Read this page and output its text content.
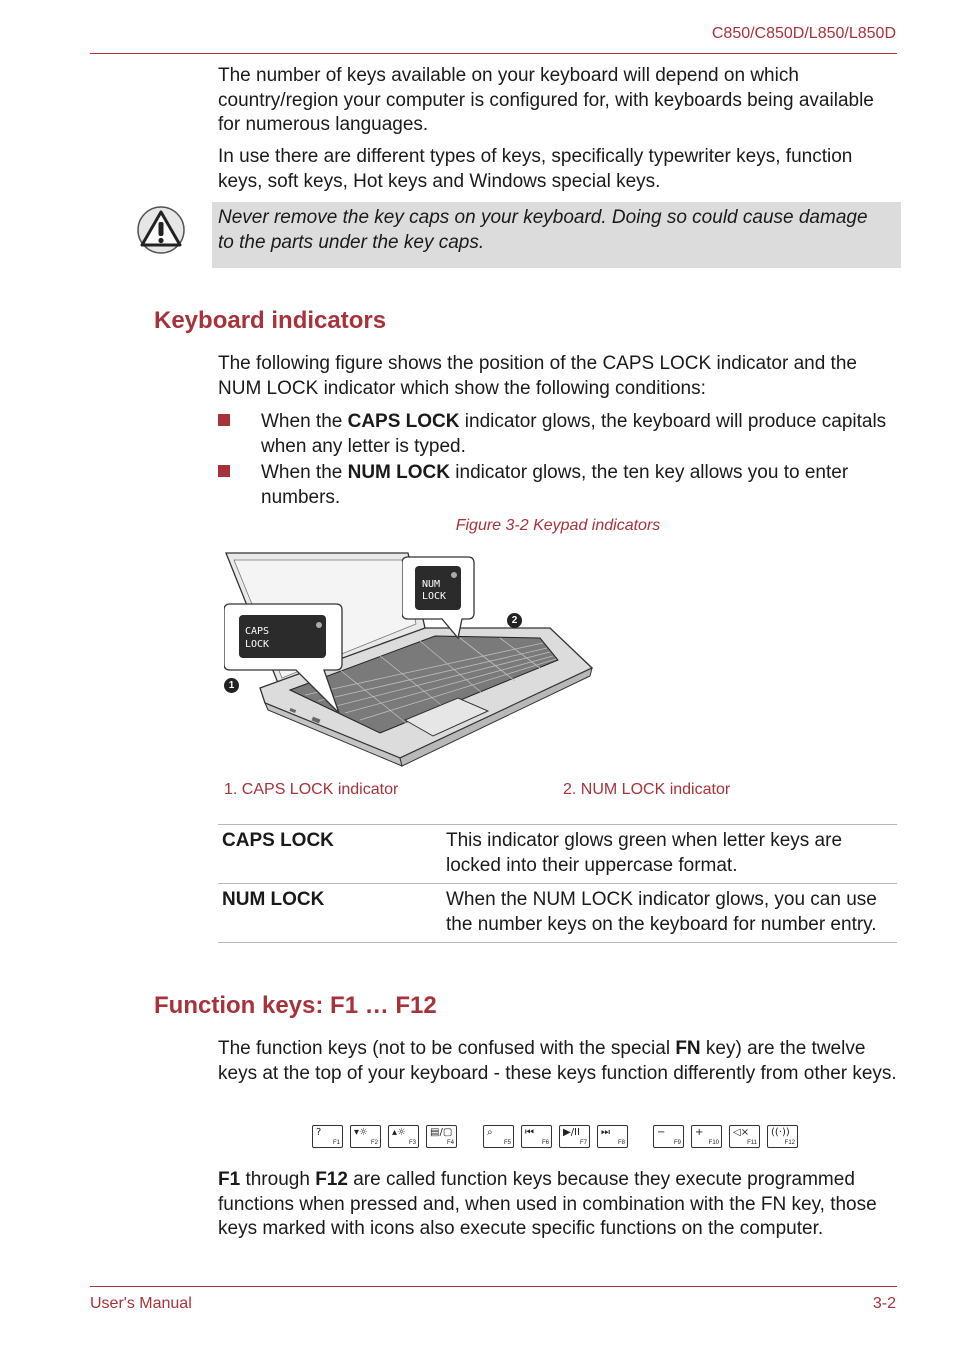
C850/C850D/L850/L850D

The number of keys available on your keyboard will depend on which country/region your computer is configured for, with keyboards being available for numerous languages.

In use there are different types of keys, specifically typewriter keys, function keys, soft keys, Hot keys and Windows special keys.

Never remove the key caps on your keyboard. Doing so could cause damage to the parts under the key caps.
Keyboard indicators

The following figure shows the position of the CAPS LOCK indicator and the NUM LOCK indicator which show the following conditions:

When the CAPS LOCK indicator glows, the keyboard will produce capitals when any letter is typed.
When the NUM LOCK indicator glows, the ten key allows you to enter numbers.
Figure 3-2 Keypad indicators
CAPS
LOCK
NUM
LOCK
1
2
1. CAPS LOCK indicator	2. NUM LOCK indicator
CAPS LOCK	This indicator glows green when letter keys are locked into their uppercase format.
NUM LOCK	When the NUM LOCK indicator glows, you can use the number keys on the keyboard for number entry.
Function keys: F1 … F12

The function keys (not to be confused with the special FN key) are the twelve keys at the top of your keyboard - these keys function differently from other keys.

?
F1
▾☼
F2
▴☼
F3
▤/▢
F4
⌕
F5
⏮
F6
▶/II
F7
⏭
F8
−
F9
+
F10
◁×
F11
((·))
F12

F1 through F12 are called function keys because they execute programmed functions when pressed and, when used in combination with the FN key, those keys marked with icons also execute specific functions on the computer.

User's Manual	3-2
